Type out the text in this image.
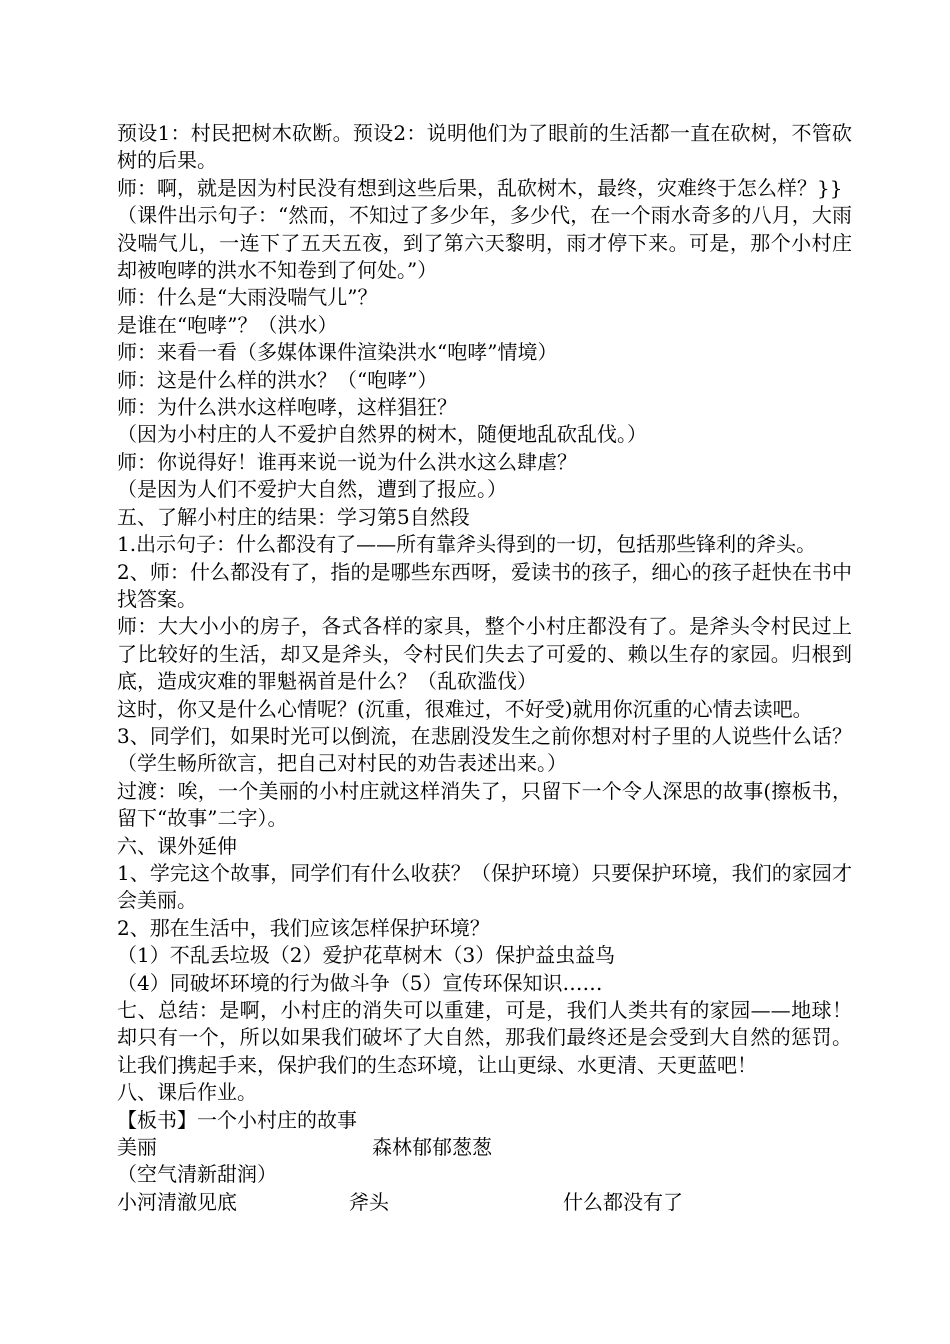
预设1：村民把树木砍断。预设2：说明他们为了眼前的生活都一直在砍树，不管砍树的后果。

师：啊，就是因为村民没有想到这些后果，乱砍树木，最终，灾难终于怎么样？}}

（课件出示句子：“然而，不知过了多少年，多少代，在一个雨水奇多的八月，大雨没喘气儿，一连下了五天五夜，到了第六天黎明，雨才停下来。可是，那个小村庄却被咆哮的洪水不知卷到了何处。”）

师：什么是“大雨没喘气儿”？

是谁在“咆哮”？（洪水）

师：来看一看（多媒体课件渲染洪水“咆哮”情境）

师：这是什么样的洪水？（“咆哮”）

师：为什么洪水这样咆哮，这样猖狂？

（因为小村庄的人不爱护自然界的树木，随便地乱砍乱伐。）

师：你说得好！谁再来说一说为什么洪水这么肆虐？

（是因为人们不爱护大自然，遭到了报应。）

五、了解小村庄的结果：学习第5自然段

1.出示句子：什么都没有了——所有靠斧头得到的一切，包括那些锋利的斧头。

2、师：什么都没有了，指的是哪些东西呀，爱读书的孩子，细心的孩子赶快在书中找答案。

师：大大小小的房子，各式各样的家具，整个小村庄都没有了。是斧头令村民过上了比较好的生活，却又是斧头，令村民们失去了可爱的、赖以生存的家园。归根到底，造成灾难的罪魁祸首是什么？（乱砍滥伐）

这时，你又是什么心情呢？(沉重，很难过，不好受)就用你沉重的心情去读吧。

3、同学们，如果时光可以倒流，在悲剧没发生之前你想对村子里的人说些什么话？（学生畅所欲言，把自己对村民的劝告表述出来。）

过渡：唉，一个美丽的小村庄就这样消失了，只留下一个令人深思的故事(擦板书，留下“故事”二字）。

六、课外延伸

1、学完这个故事，同学们有什么收获？（保护环境）只要保护环境，我们的家园才会美丽。

2、那在生活中，我们应该怎样保护环境？

（1）不乱丢垃圾（2）爱护花草树木（3）保护益虫益鸟

（4）同破坏环境的行为做斗争（5）宣传环保知识……

七、总结：是啊，小村庄的消失可以重建，可是，我们人类共有的家园——地球！却只有一个，所以如果我们破坏了大自然，那我们最终还是会受到大自然的惩罚。让我们携起手来，保护我们的生态环境，让山更绿、水更清、天更蓝吧！

八、课后作业。

【板书】一个小村庄的故事

美丽	森林郁郁葱葱
（空气清新甜润）
小河清澈见底	斧头	什么都没有了
